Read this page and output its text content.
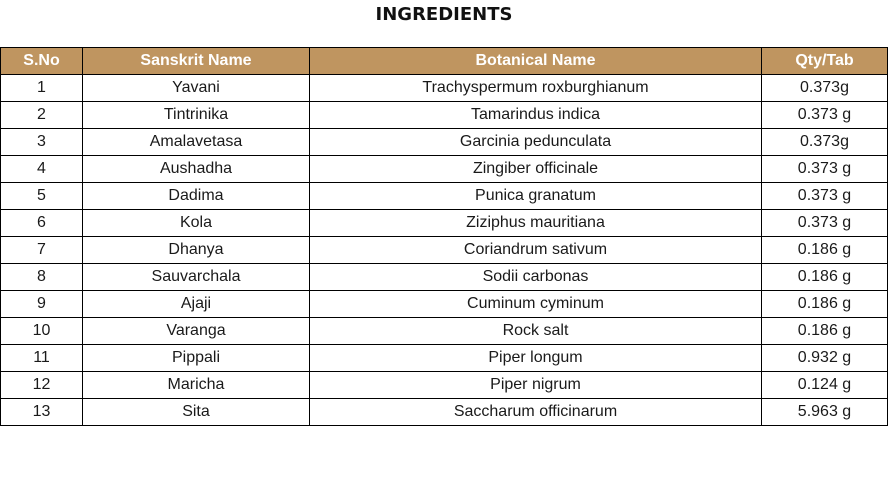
INGREDIENTS
S.No	Sanskrit Name	Botanical Name	Qty/Tab
1	Yavani	Trachyspermum roxburghianum	0.373g
2	Tintrinika	Tamarindus indica	0.373 g
3	Amalavetasa	Garcinia pedunculata	0.373g
4	Aushadha	Zingiber officinale	0.373 g
5	Dadima	Punica granatum	0.373 g
6	Kola	Ziziphus mauritiana	0.373 g
7	Dhanya	Coriandrum sativum	0.186 g
8	Sauvarchala	Sodii carbonas	0.186 g
9	Ajaji	Cuminum cyminum	0.186 g
10	Varanga	Rock salt	0.186 g
11	Pippali	Piper longum	0.932 g
12	Maricha	Piper nigrum	0.124 g
13	Sita	Saccharum officinarum	5.963 g
